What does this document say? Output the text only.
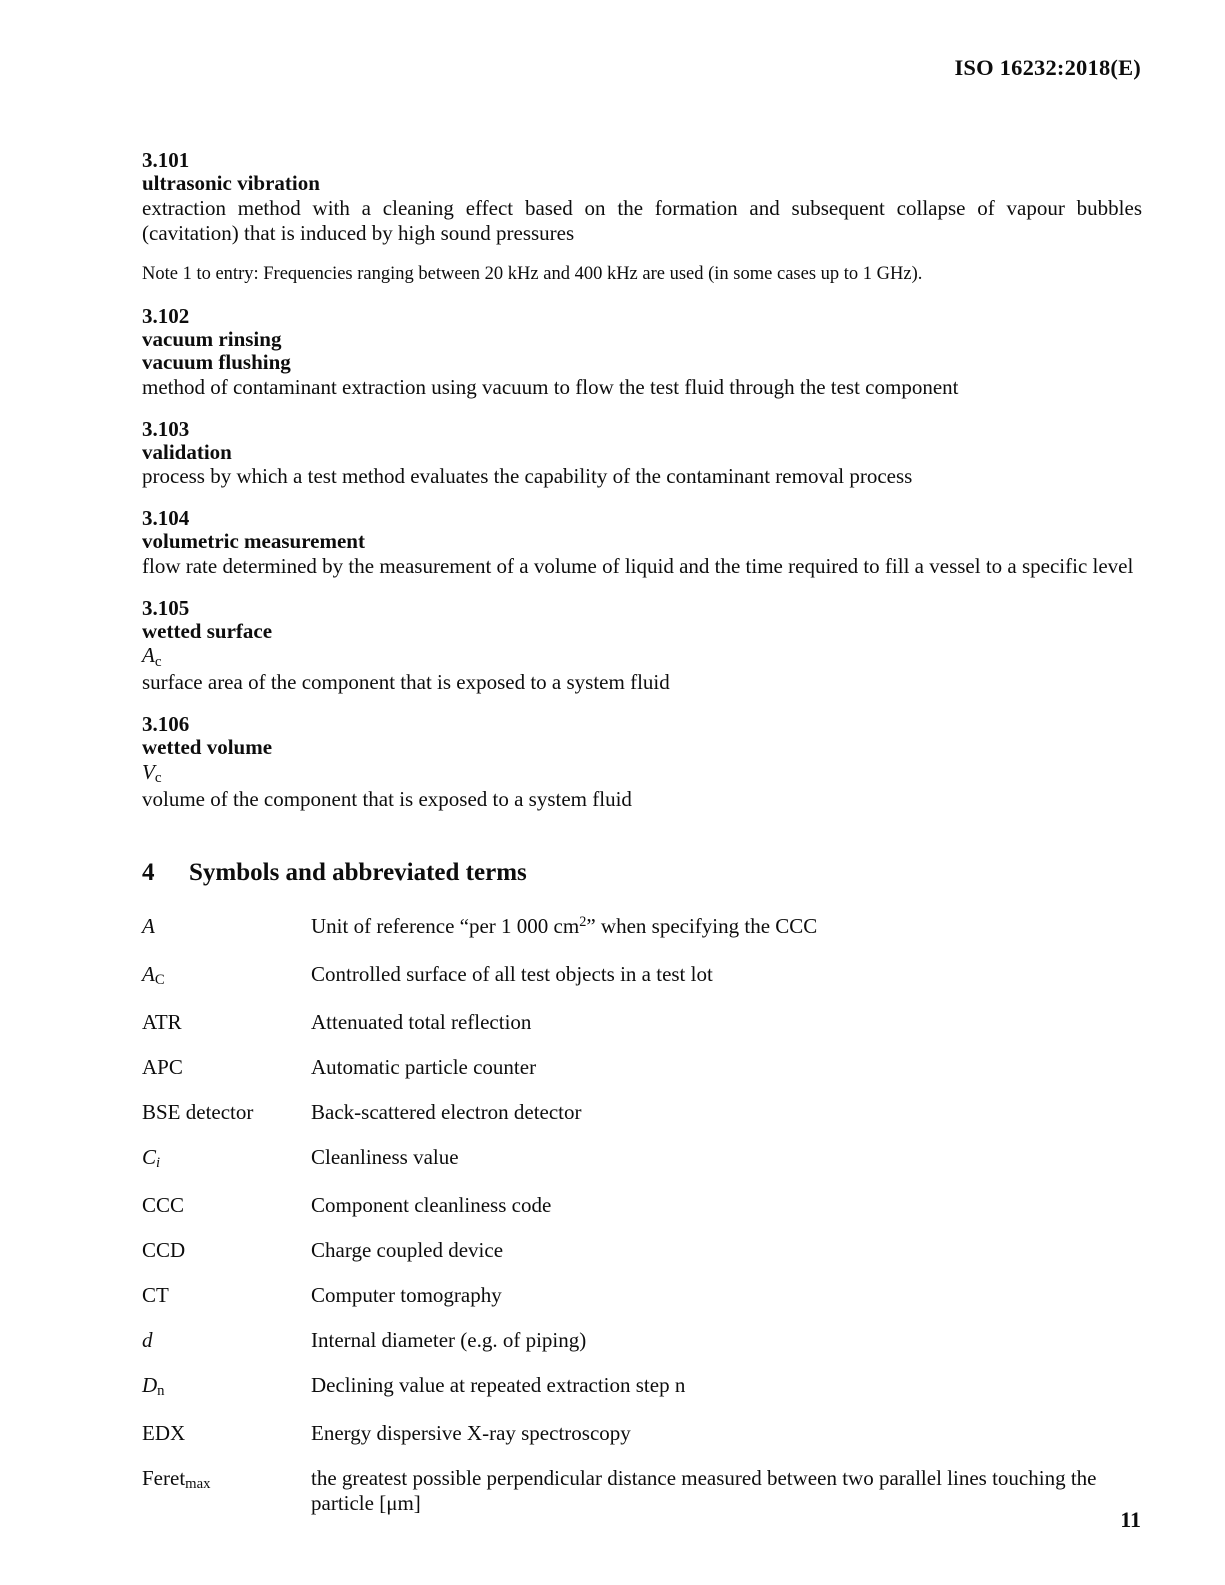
ISO 16232:2018(E)
3.101
ultrasonic vibration
extraction method with a cleaning effect based on the formation and subsequent collapse of vapour bubbles (cavitation) that is induced by high sound pressures
Note 1 to entry: Frequencies ranging between 20 kHz and 400 kHz are used (in some cases up to 1 GHz).
3.102
vacuum rinsing
vacuum flushing
method of contaminant extraction using vacuum to flow the test fluid through the test component
3.103
validation
process by which a test method evaluates the capability of the contaminant removal process
3.104
volumetric measurement
flow rate determined by the measurement of a volume of liquid and the time required to fill a vessel to a specific level
3.105
wetted surface
$A_c$
surface area of the component that is exposed to a system fluid
3.106
wetted volume
$V_c$
volume of the component that is exposed to a system fluid
4 Symbols and abbreviated terms
A	Unit of reference “per 1 000 $cm^2$” when specifying the CCC
$A_C$	Controlled surface of all test objects in a test lot
ATR	Attenuated total reflection
APC	Automatic particle counter
BSE detector	Back-scattered electron detector
$C_i$	Cleanliness value
CCC	Component cleanliness code
CCD	Charge coupled device
CT	Computer tomography
d	Internal diameter (e.g. of piping)
$D_n$	Declining value at repeated extraction step n
EDX	Energy dispersive X-ray spectroscopy
Feret$_{max}$	the greatest possible perpendicular distance measured between two parallel lines touching the particle [μm]
11
